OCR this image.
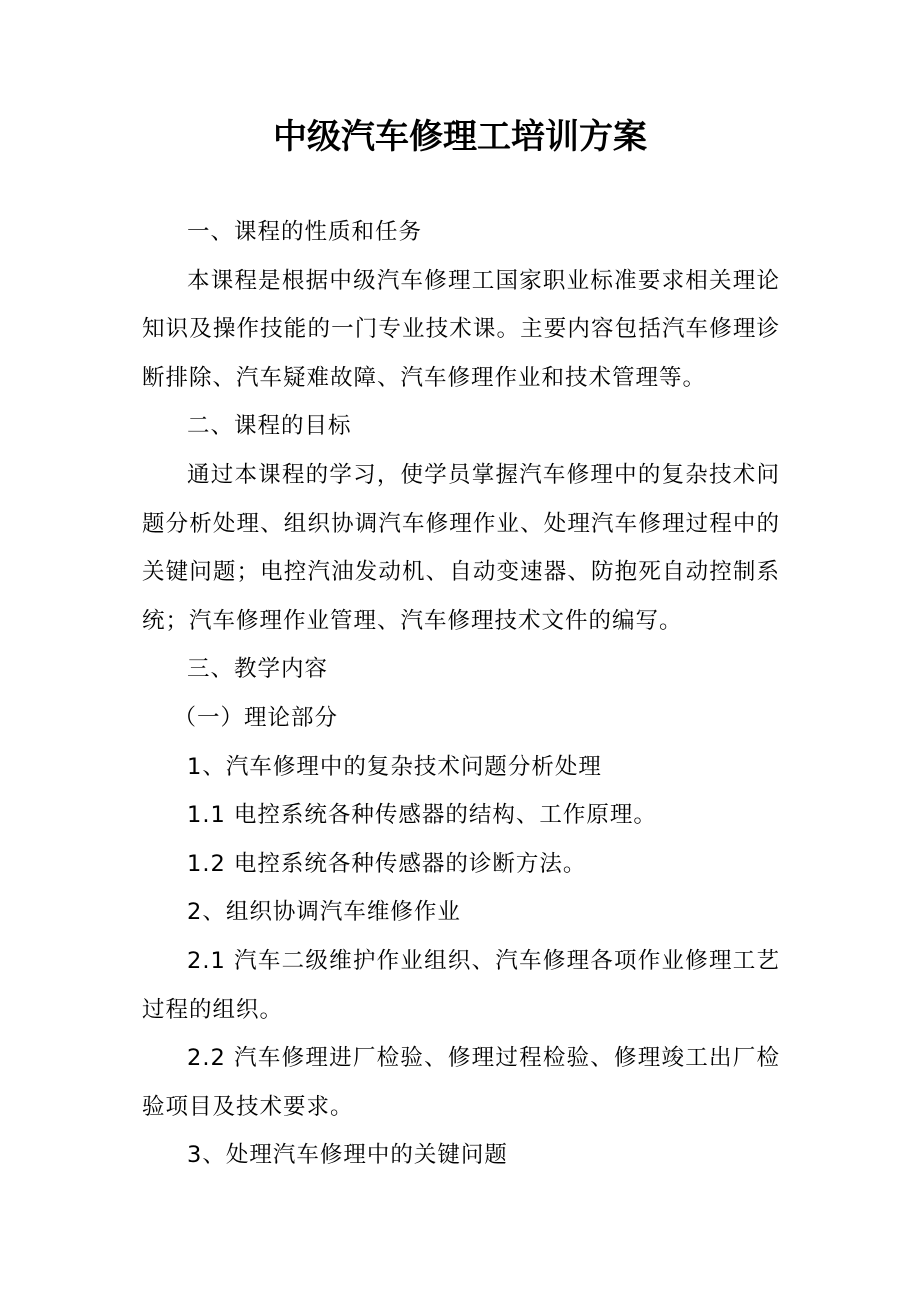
中级汽车修理工培训方案

一、课程的性质和任务

本课程是根据中级汽车修理工国家职业标准要求相关理论知识及操作技能的一门专业技术课。主要内容包括汽车修理诊断排除、汽车疑难故障、汽车修理作业和技术管理等。

二、课程的目标

通过本课程的学习，使学员掌握汽车修理中的复杂技术问题分析处理、组织协调汽车修理作业、处理汽车修理过程中的关键问题；电控汽油发动机、自动变速器、防抱死自动控制系统；汽车修理作业管理、汽车修理技术文件的编写。

三、教学内容

（一）理论部分

1、汽车修理中的复杂技术问题分析处理

1.1 电控系统各种传感器的结构、工作原理。

1.2 电控系统各种传感器的诊断方法。

2、组织协调汽车维修作业

2.1 汽车二级维护作业组织、汽车修理各项作业修理工艺过程的组织。

2.2 汽车修理进厂检验、修理过程检验、修理竣工出厂检验项目及技术要求。

3、处理汽车修理中的关键问题
